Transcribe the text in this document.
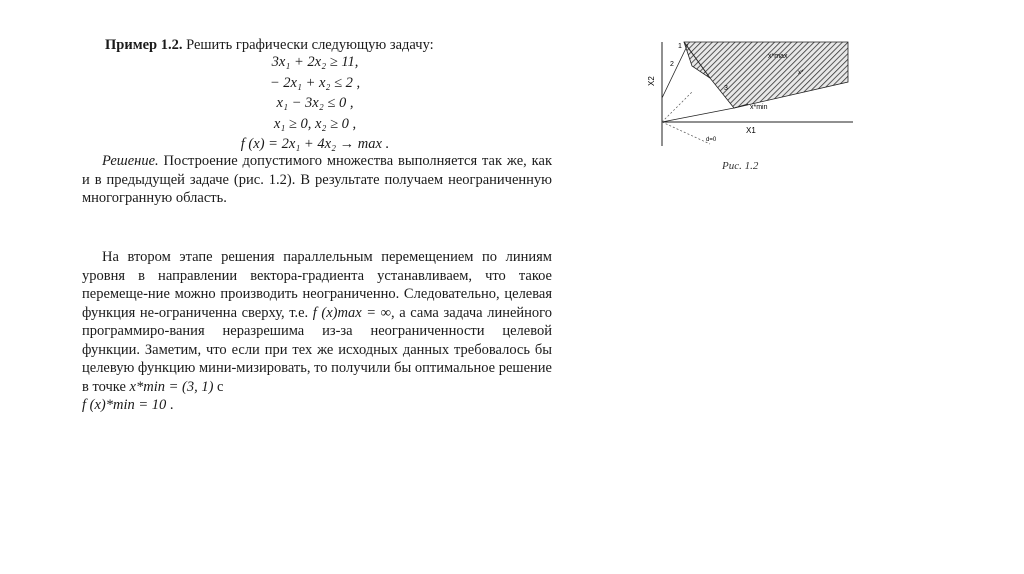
Пример 1.2. Решить графически следующую задачу:
3x₁ + 2x₂ ≥ 11,
− 2x₁ + x₂ ≤ 2 ,
x₁ − 3x₂ ≤ 0 ,
x₁ ≥ 0, x₂ ≥ 0 ,
f (x) = 2x₁ + 4x₂ → max .
Решение. Построение допустимого множества выполняется так же, как и в предыдущей задаче (рис. 1.2). В результате получаем неограниченную многогранную область.
На втором этапе решения параллельным перемещением по линиям уровня в направлении вектора-градиента устанавливаем, что такое перемеще-ние можно производить неограниченно. Следовательно, целевая функция не-ограниченна сверху, т.е. f (x)max = ∞, а сама задача линейного программиро-вания неразрешима из-за неограниченности целевой функции. Заметим, что если при тех же исходных данных требовалось бы целевую функцию мини-мизировать, то получили бы оптимальное решение в точке x*min = (3, 1) с
f (x)*min = 10 .
X2
X1
1
2
3
x*max
x*min
d=0
x*
Рис. 1.2
